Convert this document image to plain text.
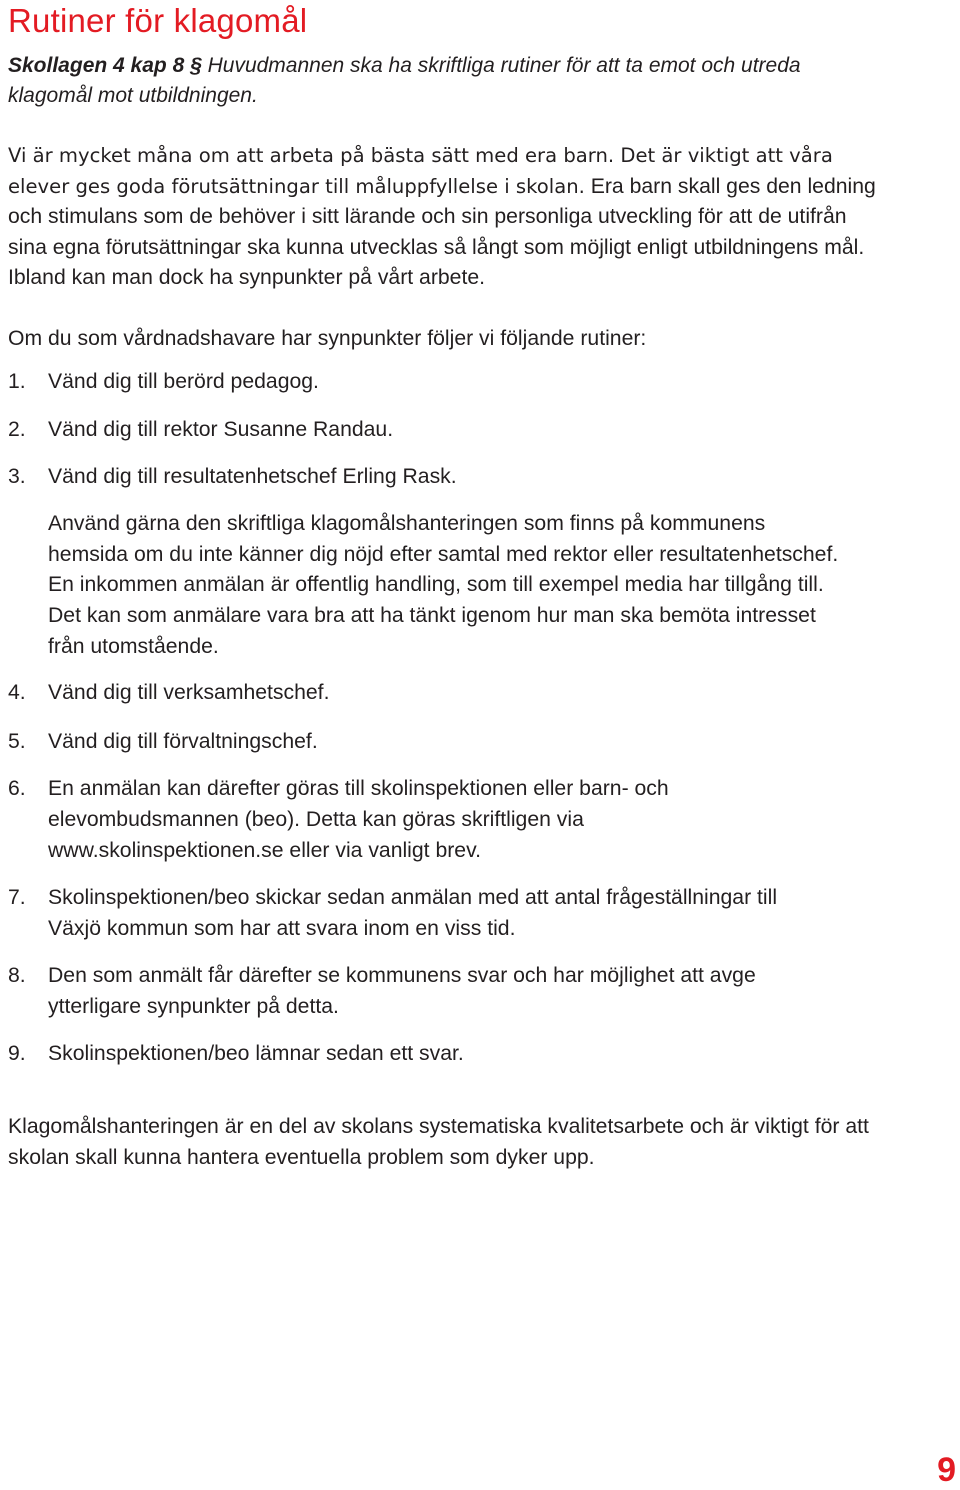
Rutiner för klagomål

Skollagen 4 kap 8 § Huvudmannen ska ha skriftliga rutiner för att ta emot och utreda klagomål mot utbildningen.

Vi är mycket måna om att arbeta på bästa sätt med era barn. Det är viktigt att våra elever ges goda förutsättningar till måluppfyllelse i skolan. Era barn skall ges den ledning och stimulans som de behöver i sitt lärande och sin personliga utveckling för att de utifrån sina egna förutsättningar ska kunna utvecklas så långt som möjligt enligt utbildningens mål. Ibland kan man dock ha synpunkter på vårt arbete.

Om du som vårdnadshavare har synpunkter följer vi följande rutiner:

1.	Vänd dig till berörd pedagog.
2.	Vänd dig till rektor Susanne Randau.
3.	Vänd dig till resultatenhetschef Erling Rask.

Använd gärna den skriftliga klagomålshanteringen som finns på kommunens hemsida om du inte känner dig nöjd efter samtal med rektor eller resultatenhetschef. En inkommen anmälan är offentlig handling, som till exempel media har tillgång till. Det kan som anmälare vara bra att ha tänkt igenom hur man ska bemöta intresset från utomstående.

4.	Vänd dig till verksamhetschef.
5.	Vänd dig till förvaltningschef.
6.	En anmälan kan därefter göras till skolinspektionen eller barn- och elevombudsmannen (beo). Detta kan göras skriftligen via www.skolinspektionen.se eller via vanligt brev.
7.	Skolinspektionen/beo skickar sedan anmälan med att antal frågeställningar till Växjö kommun som har att svara inom en viss tid.
8.	Den som anmält får därefter se kommunens svar och har möjlighet att avge ytterligare synpunkter på detta.
9.	Skolinspektionen/beo lämnar sedan ett svar.

Klagomålshanteringen är en del av skolans systematiska kvalitetsarbete och är viktigt för att skolan skall kunna hantera eventuella problem som dyker upp.

9
